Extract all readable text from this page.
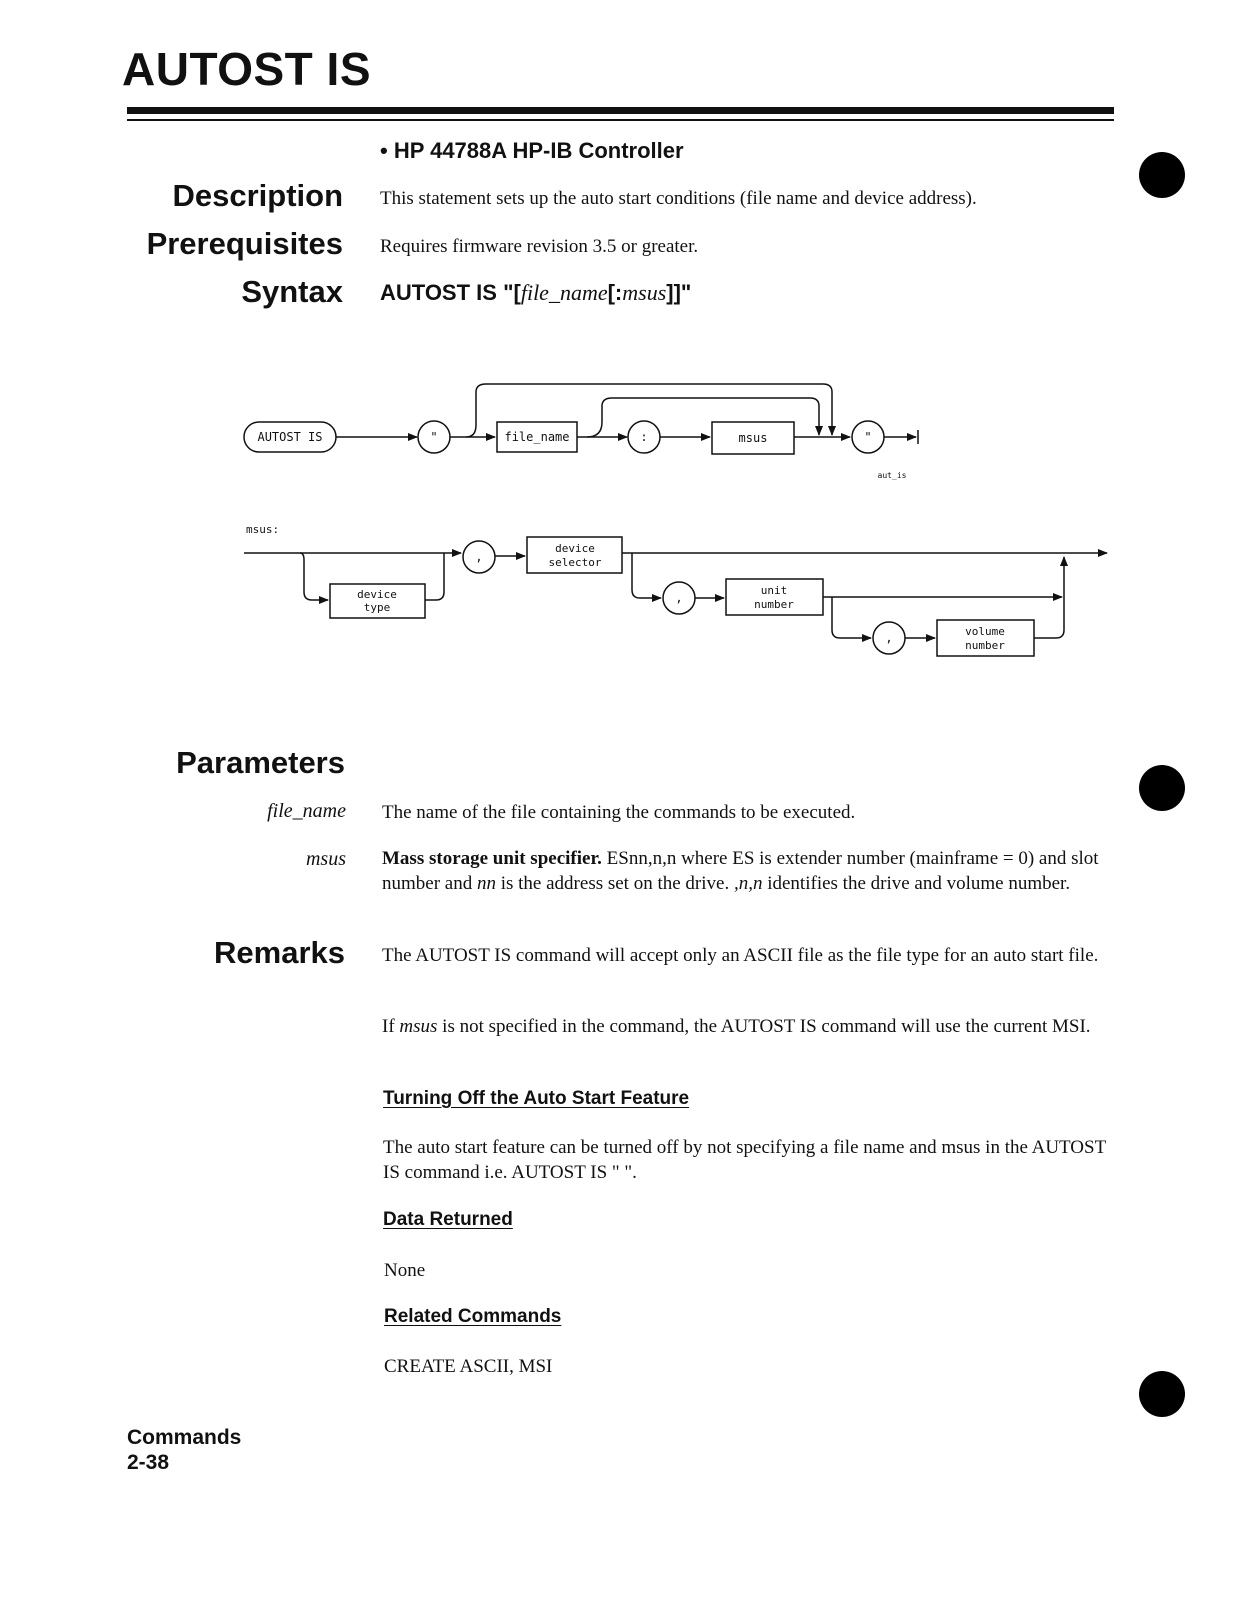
AUTOST IS
• HP 44788A HP-IB Controller
Description This statement sets up the auto start conditions (file name and device address).
Prerequisites Requires firmware revision 3.5 or greater.
Syntax AUTOST IS "[file_name[:msus]]"
AUTOST IS	"	file_name	:	msus	"
aut_is
msus:
device
type
,
device
selector
,
unit
number
,	volume
number
Parameters
file_name The name of the file containing the commands to be executed.
msus Mass storage unit specifier. ESnn,n,n where ES is extender number (mainframe = 0) and slot number and nn is the address set on the drive. ,n,n identifies the drive and volume number.
Remarks The AUTOST IS command will accept only an ASCII file as the file type for an auto start file.
If msus is not specified in the command, the AUTOST IS command will use the current MSI.
Turning Off the Auto Start Feature
The auto start feature can be turned off by not specifying a file name and msus in the AUTOST IS command i.e. AUTOST IS " ".
Data Returned
None
Related Commands
CREATE ASCII, MSI
Commands
2-38
